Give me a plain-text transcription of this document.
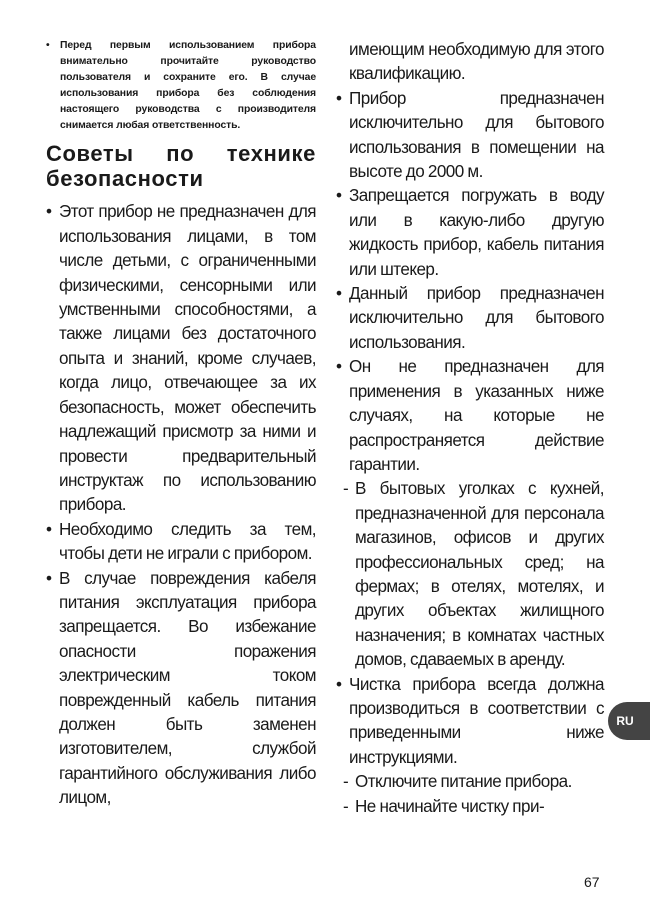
• Перед первым использованием прибора внимательно прочитайте руководство пользователя и сохраните его. В случае использования прибора без соблюдения настоящего руководства с производителя снимается любая ответственность.
Советы по технике безопасности
• Этот прибор не предназначен для использования лицами, в том числе детьми, с ограниченными физическими, сенсорными или умственными способностями, а также лицами без достаточного опыта и знаний, кроме случаев, когда лицо, отвечающее за их безопасность, может обеспечить надлежащий присмотр за ними и провести предварительный инструктаж по использованию прибора.
• Необходимо следить за тем, чтобы дети не играли с прибором.
• В случае повреждения кабеля питания эксплуатация прибора запрещается. Во избежание опасности поражения электрическим током поврежденный кабель питания должен быть заменен изготовителем, службой гарантийного обслуживания либо лицом,
имеющим необходимую для этого квалификацию.
• Прибор предназначен исключительно для бытового использования в помещении на высоте до 2000 м.
• Запрещается погружать в воду или в какую-либо другую жидкость прибор, кабель питания или штекер.
• Данный прибор предназначен исключительно для бытового использования.
• Он не предназначен для применения в указанных ниже случаях, на которые не распространяется действие гарантии.
- В бытовых уголках с кухней, предназначенной для персонала магазинов, офисов и других профессиональных сред; на фермах; в отелях, мотелях, и других объектах жилищного назначения; в комнатах частных домов, сдаваемых в аренду.
• Чистка прибора всегда должна производиться в соответствии с приведенными ниже инструкциями.
- Отключите питание прибора.
- Не начинайте чистку при-
RU
67
